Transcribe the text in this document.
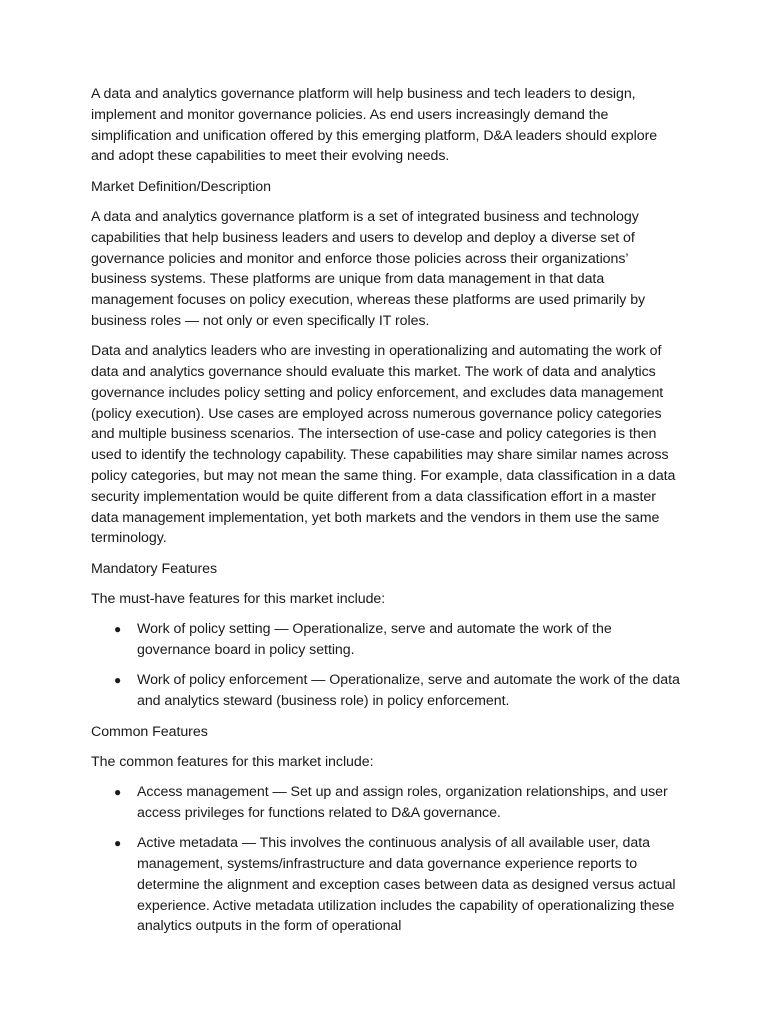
A data and analytics governance platform will help business and tech leaders to design, implement and monitor governance policies. As end users increasingly demand the simplification and unification offered by this emerging platform, D&A leaders should explore and adopt these capabilities to meet their evolving needs.

Market Definition/Description

A data and analytics governance platform is a set of integrated business and technology capabilities that help business leaders and users to develop and deploy a diverse set of governance policies and monitor and enforce those policies across their organizations’ business systems. These platforms are unique from data management in that data management focuses on policy execution, whereas these platforms are used primarily by business roles — not only or even specifically IT roles.

Data and analytics leaders who are investing in operationalizing and automating the work of data and analytics governance should evaluate this market. The work of data and analytics governance includes policy setting and policy enforcement, and excludes data management (policy execution). Use cases are employed across numerous governance policy categories and multiple business scenarios. The intersection of use-case and policy categories is then used to identify the technology capability. These capabilities may share similar names across policy categories, but may not mean the same thing. For example, data classification in a data security implementation would be quite different from a data classification effort in a master data management implementation, yet both markets and the vendors in them use the same terminology.

Mandatory Features

The must-have features for this market include:

● Work of policy setting — Operationalize, serve and automate the work of the governance board in policy setting.
● Work of policy enforcement — Operationalize, serve and automate the work of the data and analytics steward (business role) in policy enforcement.

Common Features

The common features for this market include:

● Access management — Set up and assign roles, organization relationships, and user access privileges for functions related to D&A governance.
● Active metadata — This involves the continuous analysis of all available user, data management, systems/infrastructure and data governance experience reports to determine the alignment and exception cases between data as designed versus actual experience. Active metadata utilization includes the capability of operationalizing these analytics outputs in the form of operational
